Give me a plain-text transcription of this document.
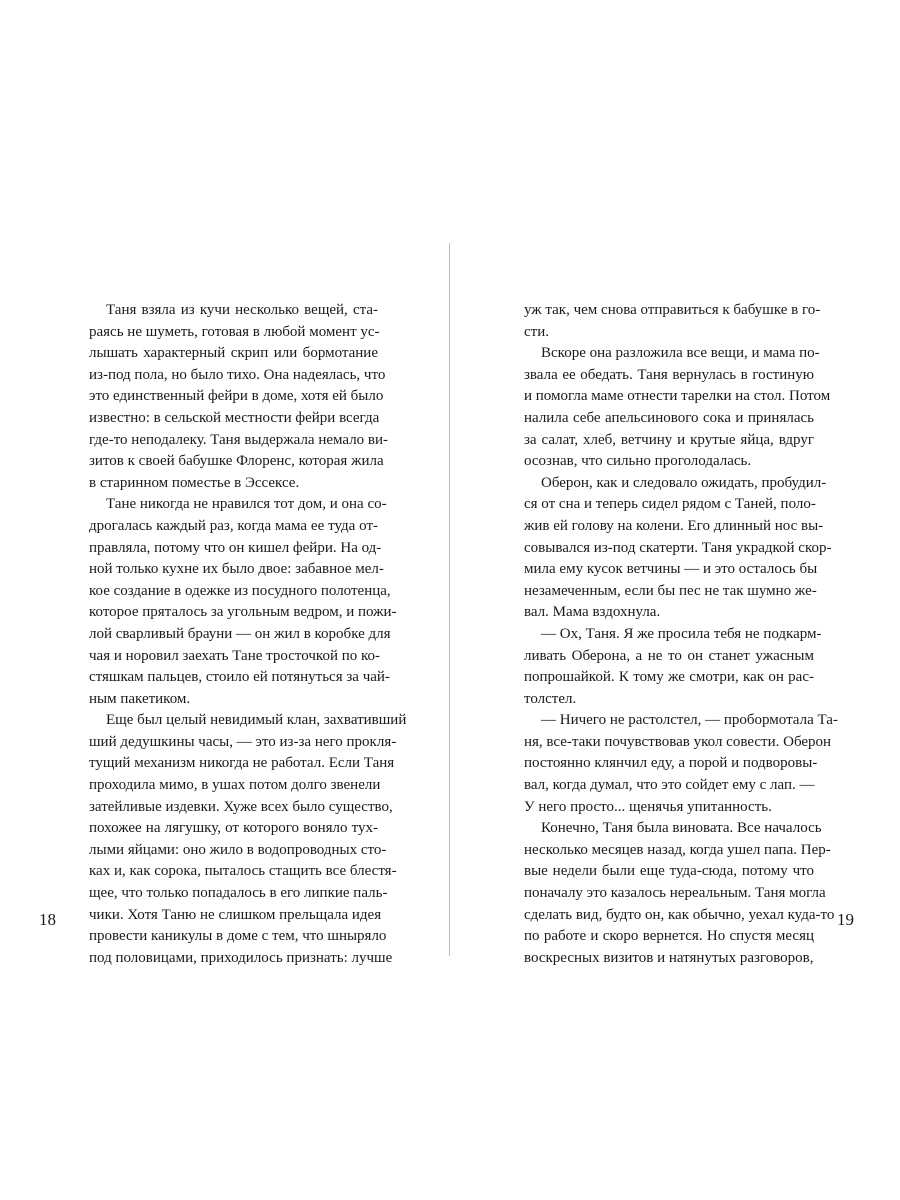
Таня взяла из кучи несколько вещей, ста-
раясь не шуметь, готовая в любой момент ус-
лышать характерный скрип или бормотание
из-под пола, но было тихо. Она надеялась, что
это единственный фейри в доме, хотя ей было
известно: в сельской местности фейри всегда
где-то неподалеку. Таня выдержала немало ви-
зитов к своей бабушке Флоренс, которая жила
в старинном поместье в Эссексе.

Тане никогда не нравился тот дом, и она со-
дрогалась каждый раз, когда мама ее туда от-
правляла, потому что он кишел фейри. На од-
ной только кухне их было двое: забавное мел-
кое создание в одежке из посудного полотенца,
которое пряталось за угольным ведром, и пожи-
лой сварливый брауни — он жил в коробке для
чая и норовил заехать Тане тросточкой по ко-
стяшкам пальцев, стоило ей потянуться за чай-
ным пакетиком.

Еще был целый невидимый клан, захвативший
ший дедушкины часы, — это из-за него прокля-
тущий механизм никогда не работал. Если Таня
проходила мимо, в ушах потом долго звенели
затейливые издевки. Хуже всех было существо,
похожее на лягушку, от которого воняло тух-
лыми яйцами: оно жило в водопроводных сто-
ках и, как сорока, пыталось стащить все блестя-
щее, что только попадалось в его липкие паль-
чики. Хотя Таню не слишком прельщала идея
провести каникулы в доме с тем, что шныряло
под половицами, приходилось признать: лучше

уж так, чем снова отправиться к бабушке в го-
сти.

Вскоре она разложила все вещи, и мама по-
звала ее обедать. Таня вернулась в гостиную
и помогла маме отнести тарелки на стол. Потом
налила себе апельсинового сока и принялась
за салат, хлеб, ветчину и крутые яйца, вдруг
осознав, что сильно проголодалась.

Оберон, как и следовало ожидать, пробудил-
ся от сна и теперь сидел рядом с Таней, поло-
жив ей голову на колени. Его длинный нос вы-
совывался из-под скатерти. Таня украдкой скор-
мила ему кусок ветчины — и это осталось бы
незамеченным, если бы пес не так шумно же-
вал. Мама вздохнула.

— Ох, Таня. Я же просила тебя не подкарм-
ливать Оберона, а не то он станет ужасным
попрошайкой. К тому же смотри, как он рас-
толстел.

— Ничего не растолстел, — пробормотала Та-
ня, все-таки почувствовав укол совести. Оберон
постоянно клянчил еду, а порой и подворовы-
вал, когда думал, что это сойдет ему с лап. —
У него просто... щенячья упитанность.

Конечно, Таня была виновата. Все началось
несколько месяцев назад, когда ушел папа. Пер-
вые недели были еще туда-сюда, потому что
поначалу это казалось нереальным. Таня могла
сделать вид, будто он, как обычно, уехал куда-то
по работе и скоро вернется. Но спустя месяц
воскресных визитов и натянутых разговоров,

18	19
